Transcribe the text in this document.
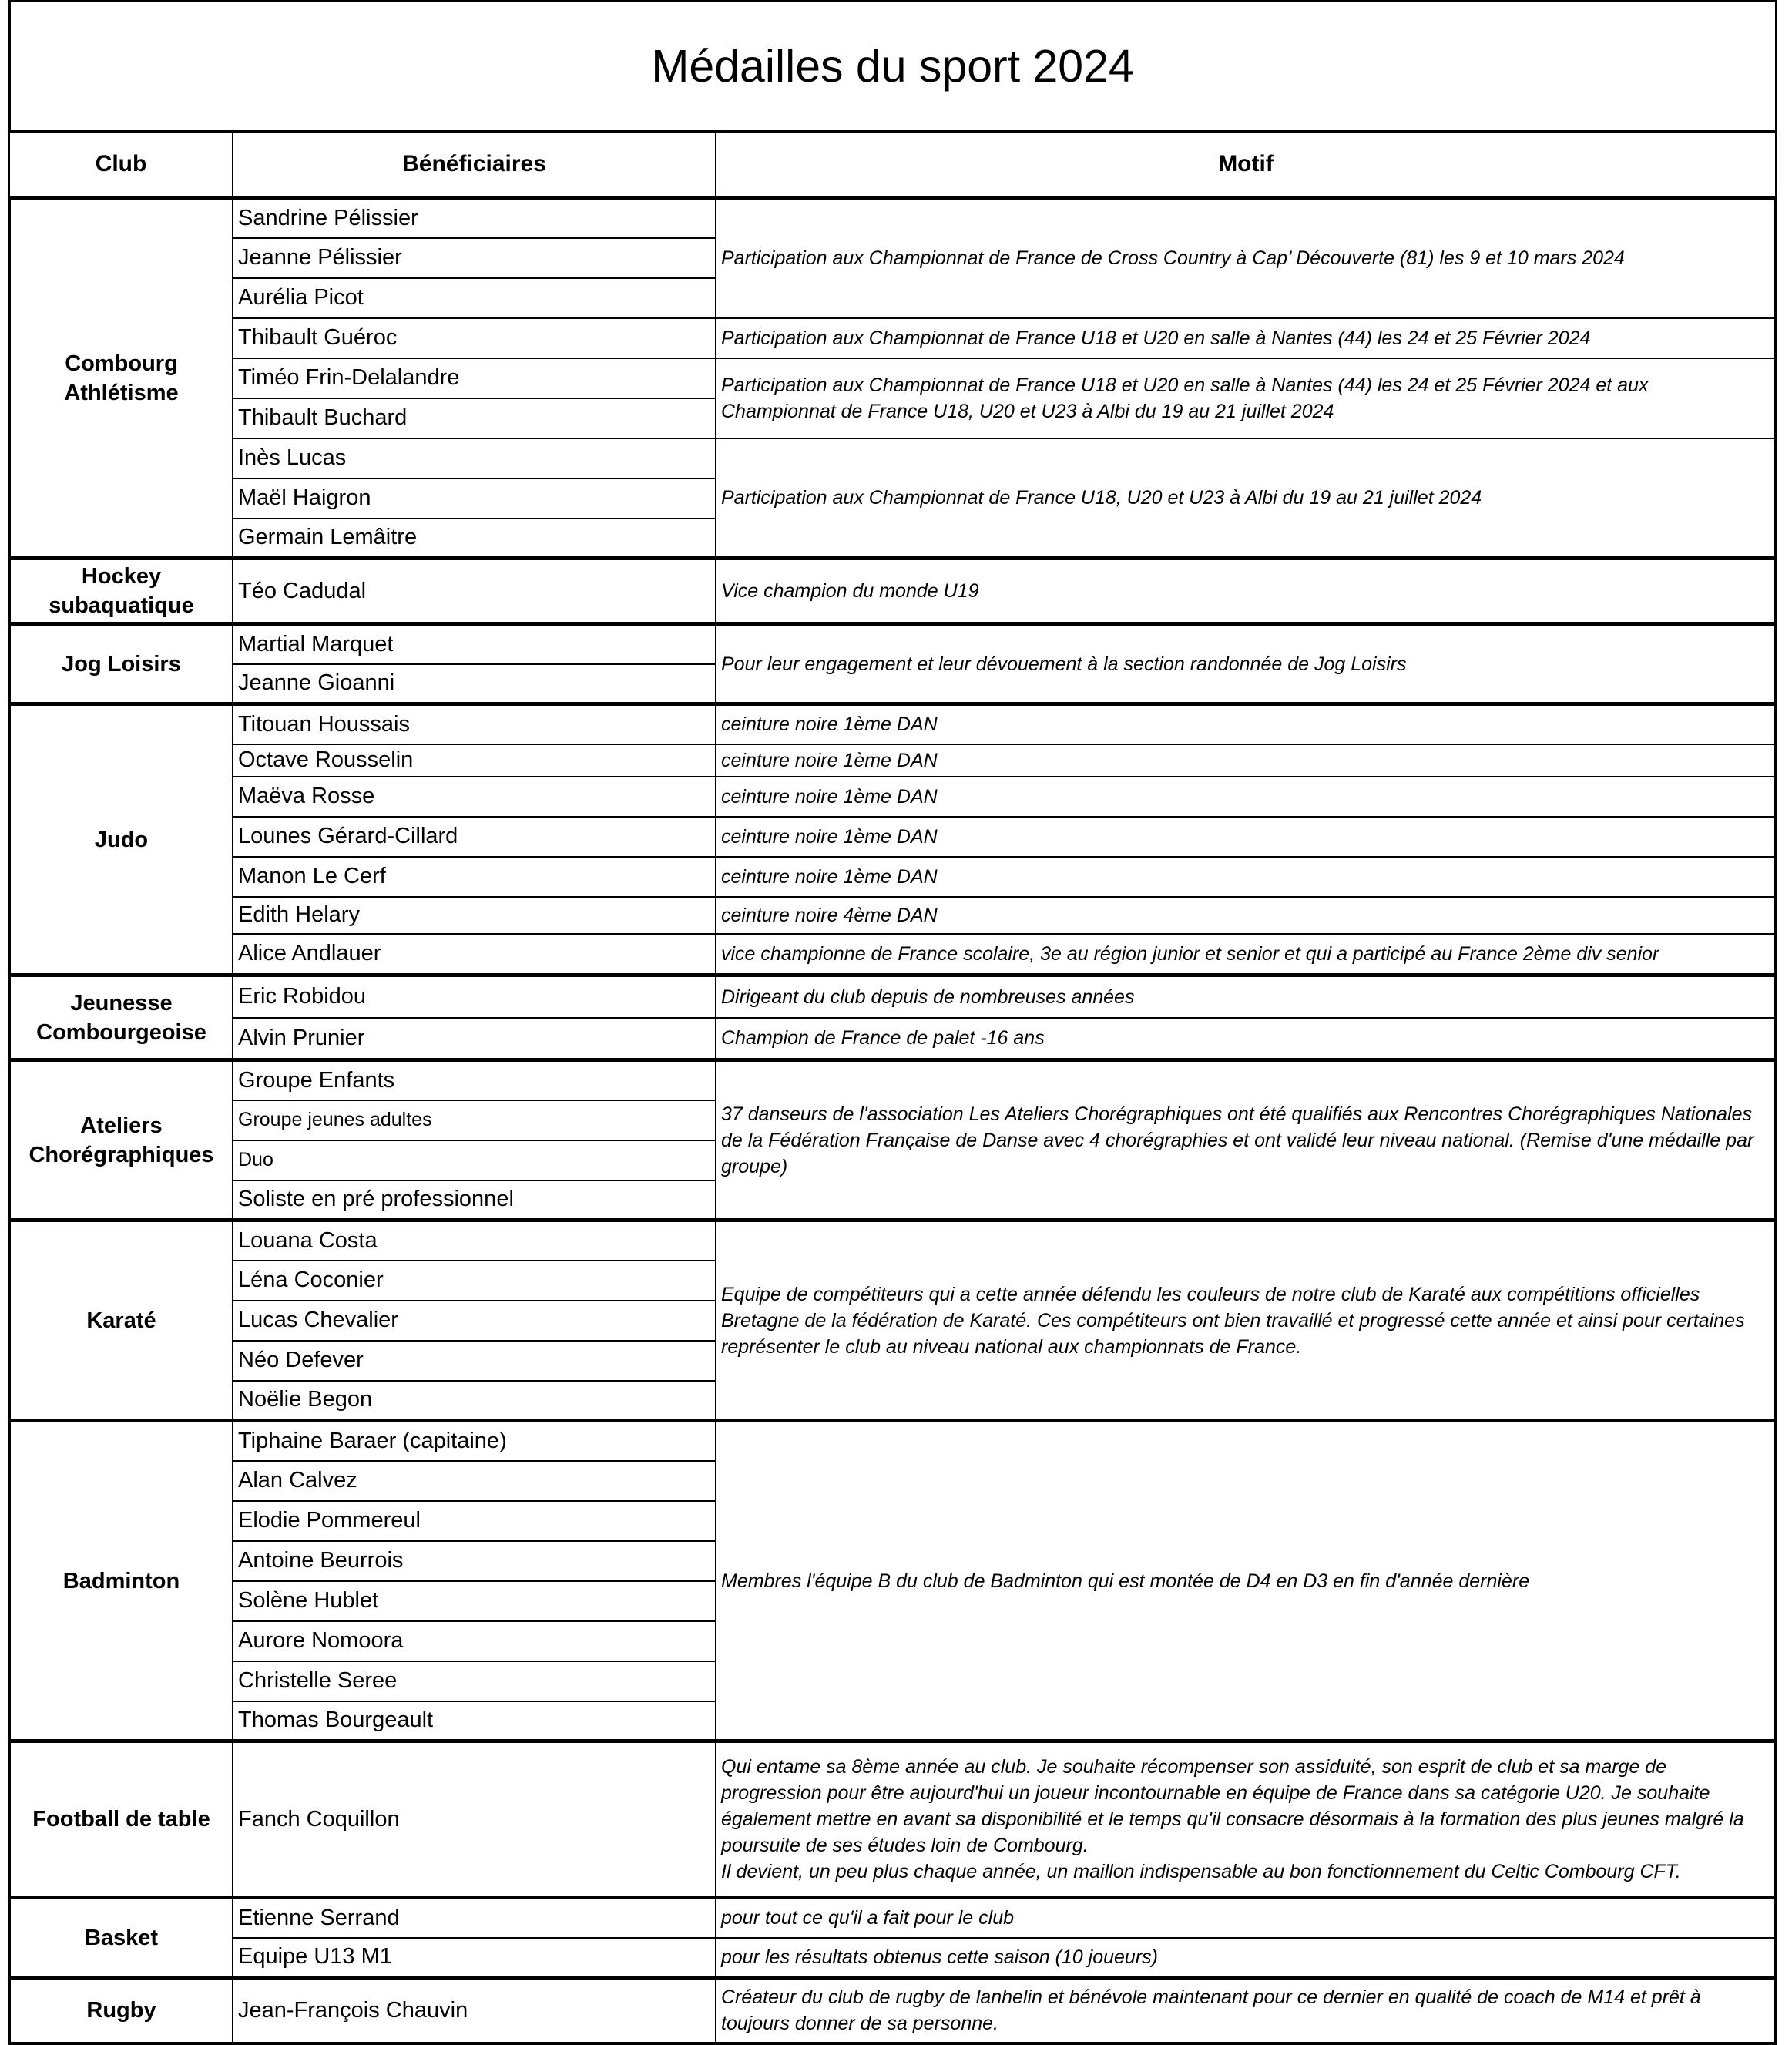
Médailles du sport 2024		
Club	Bénéficiaires	Motif
Combourg Athlétisme	Sandrine Pélissier	Participation aux Championnat de France de Cross Country à Cap’ Découverte (81) les 9 et 10 mars 2024
	Jeanne Pélissier	
	Aurélia Picot	
	Thibault Guéroc	Participation aux Championnat de France U18 et U20 en salle à Nantes (44) les 24 et 25 Février 2024
	Timéo Frin-Delalandre	Participation aux Championnat de France U18 et U20 en salle à Nantes (44) les 24 et 25 Février 2024 et aux Championnat de France U18, U20 et U23 à Albi du 19 au 21 juillet 2024
	Thibault Buchard	
	Inès Lucas	Participation aux Championnat de France U18, U20 et U23 à Albi du 19 au 21 juillet 2024
	Maël Haigron	
	Germain Lemâitre	
Hockey subaquatique	Téo Cadudal	Vice champion du monde U19
Jog Loisirs	Martial Marquet	Pour leur engagement et leur dévouement à la section randonnée de Jog Loisirs
	Jeanne Gioanni	
Judo	Titouan Houssais	ceinture noire 1ème DAN
	Octave Rousselin	ceinture noire 1ème DAN
	Maëva Rosse	ceinture noire 1ème DAN
	Lounes Gérard-Cillard	ceinture noire 1ème DAN
	Manon Le Cerf	ceinture noire 1ème DAN
	Edith Helary	ceinture noire 4ème DAN
	Alice Andlauer	vice championne de France scolaire, 3e au région junior et senior et qui a participé au France 2ème div senior
Jeunesse Combourgeoise	Eric Robidou	Dirigeant du club depuis de nombreuses années
	Alvin Prunier	Champion de France de palet -16 ans
Ateliers Chorégraphiques	Groupe Enfants	37 danseurs de l'association Les Ateliers Chorégraphiques ont été qualifiés aux Rencontres Chorégraphiques Nationales de la Fédération Française de Danse avec 4 chorégraphies et ont validé leur niveau national. (Remise d'une médaille par groupe)
	Groupe jeunes adultes	
	Duo	
	Soliste en pré professionnel	
Karaté	Louana Costa	Equipe de compétiteurs qui a cette année défendu les couleurs de notre club de Karaté aux compétitions officielles Bretagne de la fédération de Karaté. Ces compétiteurs ont bien travaillé et progressé cette année et ainsi pour certaines représenter le club au niveau national aux championnats de France.
	Léna Coconier	
	Lucas Chevalier	
	Néo Defever	
	Noëlie Begon	
Badminton	Tiphaine Baraer (capitaine)	Membres l'équipe B du club de Badminton qui est montée de D4 en D3 en fin d'année dernière
	Alan Calvez	
	Elodie Pommereul	
	Antoine Beurrois	
	Solène Hublet	
	Aurore Nomoora	
	Christelle Seree	
	Thomas Bourgeault	
Football de table	Fanch Coquillon	Qui entame sa 8ème année au club. Je souhaite récompenser son assiduité, son esprit de club et sa marge de progression pour être aujourd'hui un joueur incontournable en équipe de France dans sa catégorie U20. Je souhaite également mettre en avant sa disponibilité et le temps qu'il consacre désormais à la formation des plus jeunes malgré la poursuite de ses études loin de Combourg.
Il devient, un peu plus chaque année, un maillon indispensable au bon fonctionnement du Celtic Combourg CFT.
Basket	Etienne Serrand	pour tout ce qu'il a fait pour le club
	Equipe U13 M1	pour les résultats obtenus cette saison (10 joueurs)
Rugby	Jean-François Chauvin	Créateur du club de rugby de lanhelin et bénévole maintenant pour ce dernier en qualité de coach de M14 et prêt à toujours donner de sa personne.
